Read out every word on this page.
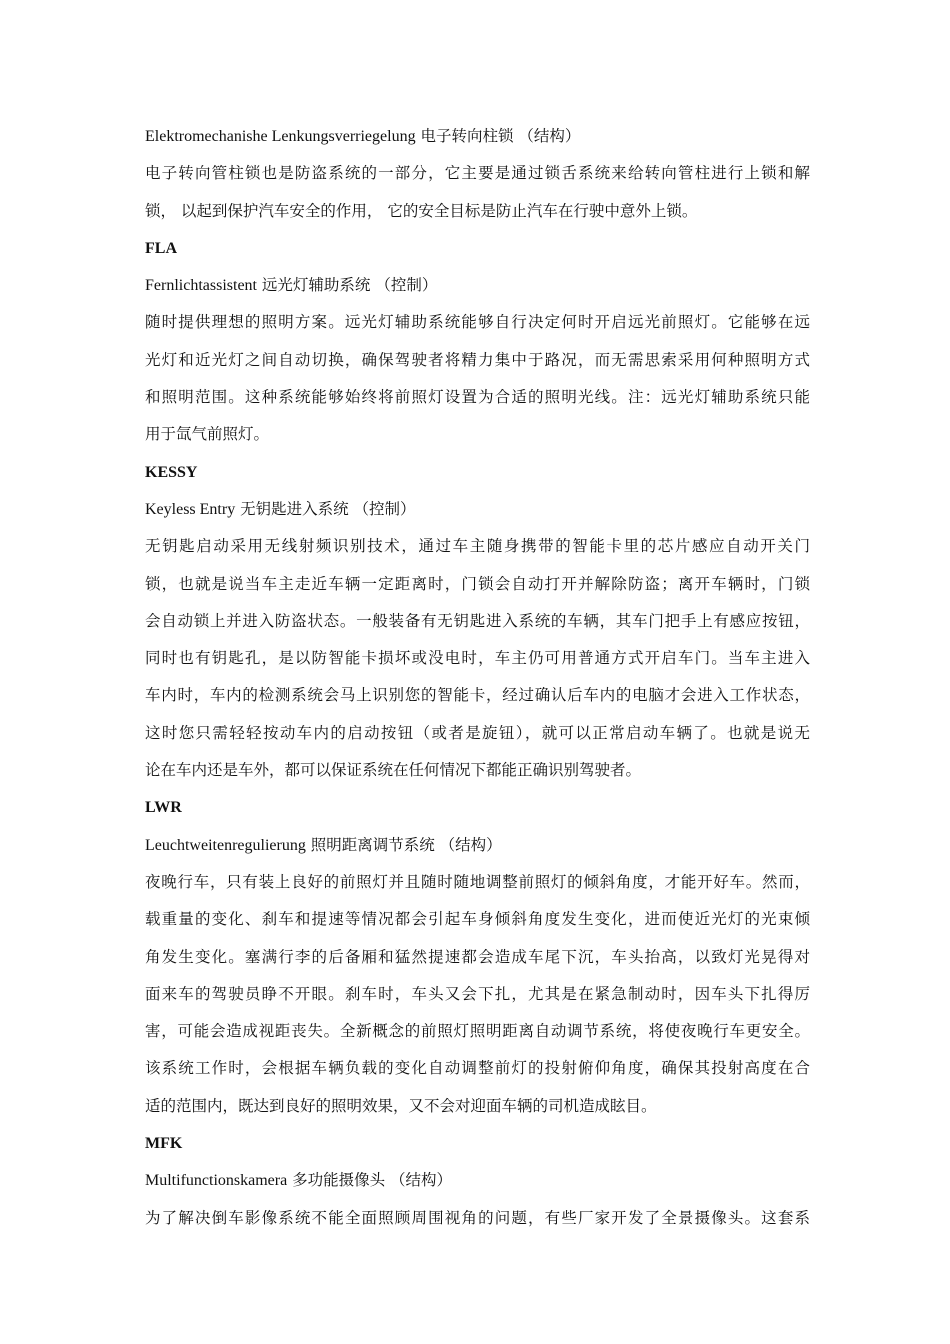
Elektromechanishe Lenkungsverriegelung 电子转向柱锁 （结构）
电子转向管柱锁也是防盗系统的一部分，它主要是通过锁舌系统来给转向管柱进行上锁和解
锁， 以起到保护汽车安全的作用， 它的安全目标是防止汽车在行驶中意外上锁。
FLA
Fernlichtassistent 远光灯辅助系统 （控制）
随时提供理想的照明方案。远光灯辅助系统能够自行决定何时开启远光前照灯。它能够在远
光灯和近光灯之间自动切换，确保驾驶者将精力集中于路况，而无需思索采用何种照明方式
和照明范围。这种系统能够始终将前照灯设置为合适的照明光线。注：远光灯辅助系统只能
用于氙气前照灯。
KESSY
Keyless Entry 无钥匙进入系统 （控制）
无钥匙启动采用无线射频识别技术，通过车主随身携带的智能卡里的芯片感应自动开关门
锁，也就是说当车主走近车辆一定距离时，门锁会自动打开并解除防盗；离开车辆时，门锁
会自动锁上并进入防盗状态。一般装备有无钥匙进入系统的车辆，其车门把手上有感应按钮，
同时也有钥匙孔，是以防智能卡损坏或没电时，车主仍可用普通方式开启车门。当车主进入
车内时，车内的检测系统会马上识别您的智能卡，经过确认后车内的电脑才会进入工作状态，
这时您只需轻轻按动车内的启动按钮（或者是旋钮），就可以正常启动车辆了。也就是说无
论在车内还是车外，都可以保证系统在任何情况下都能正确识别驾驶者。
LWR
Leuchtweitenregulierung 照明距离调节系统 （结构）
夜晚行车，只有装上良好的前照灯并且随时随地调整前照灯的倾斜角度，才能开好车。然而，
载重量的变化、刹车和提速等情况都会引起车身倾斜角度发生变化，进而使近光灯的光束倾
角发生变化。塞满行李的后备厢和猛然提速都会造成车尾下沉，车头抬高，以致灯光晃得对
面来车的驾驶员睁不开眼。刹车时，车头又会下扎，尤其是在紧急制动时，因车头下扎得厉
害，可能会造成视距丧失。全新概念的前照灯照明距离自动调节系统，将使夜晚行车更安全。
该系统工作时，会根据车辆负载的变化自动调整前灯的投射俯仰角度，确保其投射高度在合
适的范围内，既达到良好的照明效果，又不会对迎面车辆的司机造成眩目。
MFK
Multifunctionskamera 多功能摄像头 （结构）
为了解决倒车影像系统不能全面照顾周围视角的问题，有些厂家开发了全景摄像头。这套系
